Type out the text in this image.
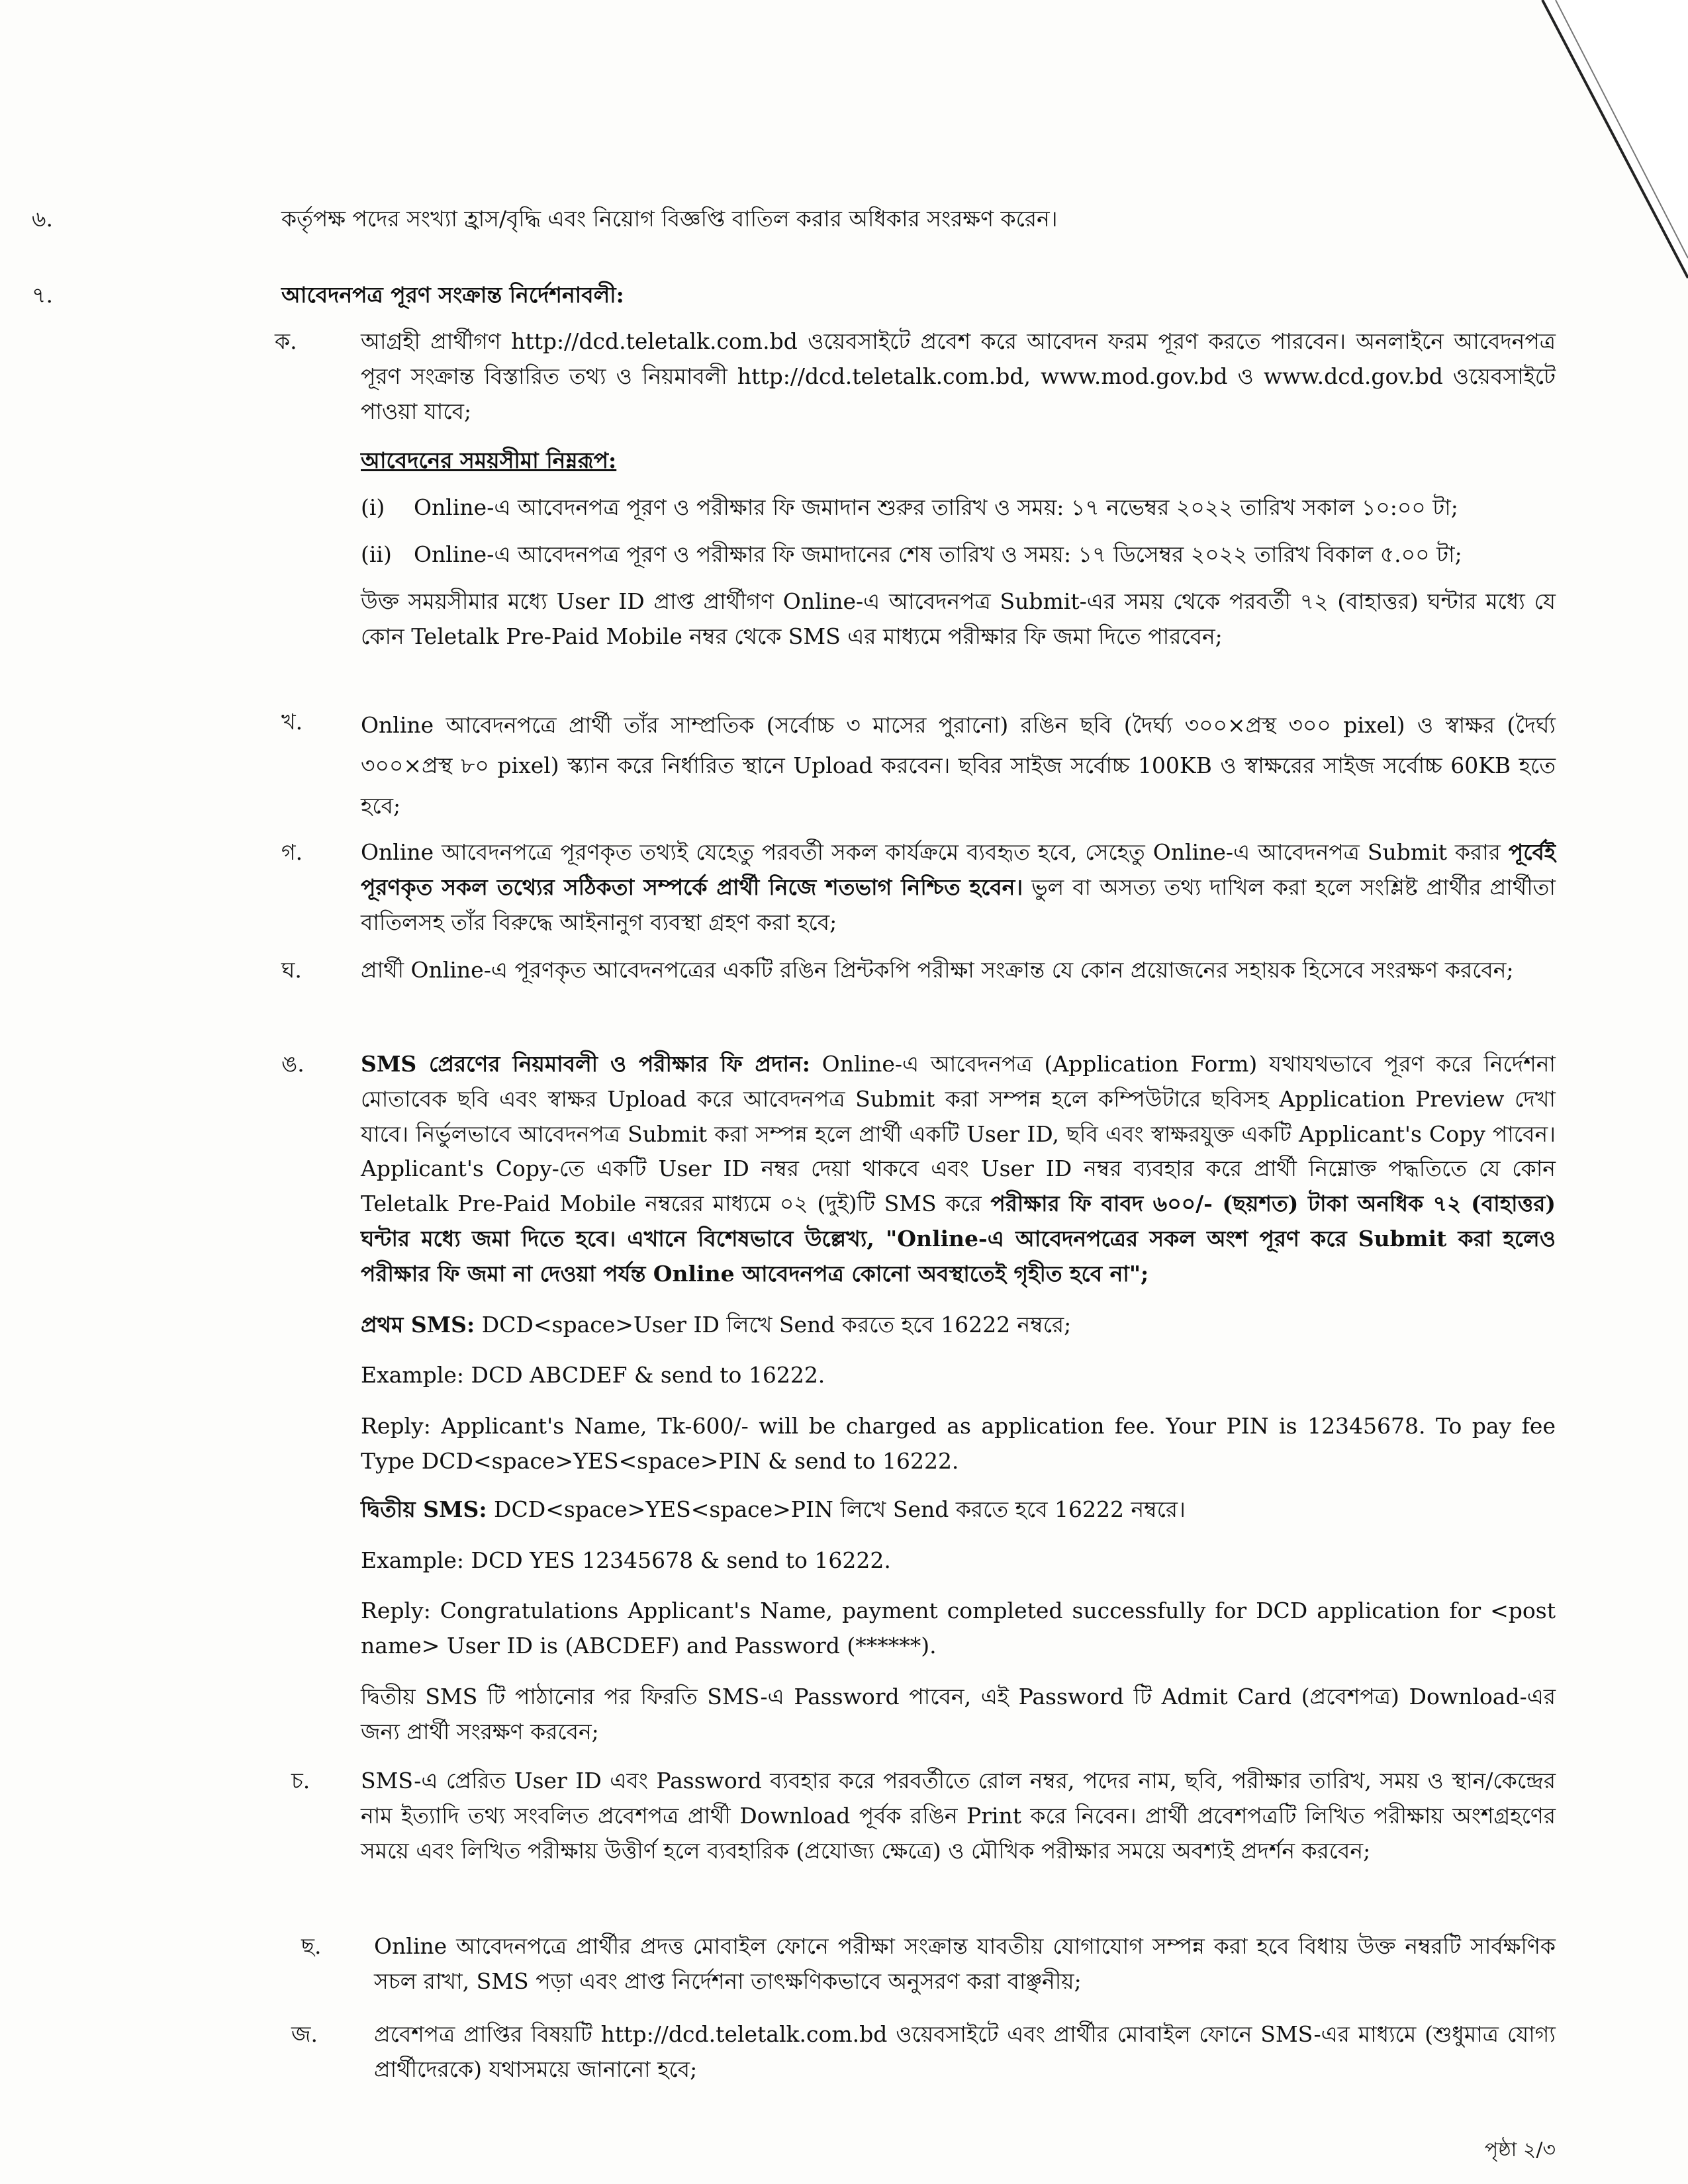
৬.	কর্তৃপক্ষ পদের সংখ্যা হ্রাস/বৃদ্ধি এবং নিয়োগ বিজ্ঞপ্তি বাতিল করার অধিকার সংরক্ষণ করেন।

৭.	আবেদনপত্র পূরণ সংক্রান্ত নির্দেশনাবলী:

ক.	আগ্রহী প্রার্থীগণ http://dcd.teletalk.com.bd ওয়েবসাইটে প্রবেশ করে আবেদন ফরম পূরণ করতে পারবেন। অনলাইনে আবেদনপত্র পূরণ সংক্রান্ত বিস্তারিত তথ্য ও নিয়মাবলী http://dcd.teletalk.com.bd, www.mod.gov.bd ও www.dcd.gov.bd ওয়েবসাইটে পাওয়া যাবে;

আবেদনের সময়সীমা নিম্নরূপ:

(i) Online-এ আবেদনপত্র পূরণ ও পরীক্ষার ফি জমাদান শুরুর তারিখ ও সময়: ১৭ নভেম্বর ২০২২ তারিখ সকাল ১০:০০ টা;

(ii) Online-এ আবেদনপত্র পূরণ ও পরীক্ষার ফি জমাদানের শেষ তারিখ ও সময়: ১৭ ডিসেম্বর ২০২২ তারিখ বিকাল ৫.০০ টা;

উক্ত সময়সীমার মধ্যে User ID প্রাপ্ত প্রার্থীগণ Online-এ আবেদনপত্র Submit-এর সময় থেকে পরবর্তী ৭২ (বাহাত্তর) ঘন্টার মধ্যে যে কোন Teletalk Pre-Paid Mobile নম্বর থেকে SMS এর মাধ্যমে পরীক্ষার ফি জমা দিতে পারবেন;

খ.	Online আবেদনপত্রে প্রার্থী তাঁর সাম্প্রতিক (সর্বোচ্চ ৩ মাসের পুরানো) রঙিন ছবি (দৈর্ঘ্য ৩০০×প্রস্থ ৩০০ pixel) ও স্বাক্ষর (দৈর্ঘ্য ৩০০×প্রস্থ ৮০ pixel) স্ক্যান করে নির্ধারিত স্থানে Upload করবেন। ছবির সাইজ সর্বোচ্চ 100KB ও স্বাক্ষরের সাইজ সর্বোচ্চ 60KB হতে হবে;

গ.	Online আবেদনপত্রে পূরণকৃত তথ্যই যেহেতু পরবর্তী সকল কার্যক্রমে ব্যবহৃত হবে, সেহেতু Online-এ আবেদনপত্র Submit করার পূর্বেই পূরণকৃত সকল তথ্যের সঠিকতা সম্পর্কে প্রার্থী নিজে শতভাগ নিশ্চিত হবেন। ভুল বা অসত্য তথ্য দাখিল করা হলে সংশ্লিষ্ট প্রার্থীর প্রার্থীতা বাতিলসহ তাঁর বিরুদ্ধে আইনানুগ ব্যবস্থা গ্রহণ করা হবে;

ঘ.	প্রার্থী Online-এ পূরণকৃত আবেদনপত্রের একটি রঙিন প্রিন্টকপি পরীক্ষা সংক্রান্ত যে কোন প্রয়োজনের সহায়ক হিসেবে সংরক্ষণ করবেন;

ঙ.	SMS প্রেরণের নিয়মাবলী ও পরীক্ষার ফি প্রদান: Online-এ আবেদনপত্র (Application Form) যথাযথভাবে পূরণ করে নির্দেশনা মোতাবেক ছবি এবং স্বাক্ষর Upload করে আবেদনপত্র Submit করা সম্পন্ন হলে কম্পিউটারে ছবিসহ Application Preview দেখা যাবে। নির্ভুলভাবে আবেদনপত্র Submit করা সম্পন্ন হলে প্রার্থী একটি User ID, ছবি এবং স্বাক্ষরযুক্ত একটি Applicant's Copy পাবেন। Applicant's Copy-তে একটি User ID নম্বর দেয়া থাকবে এবং User ID নম্বর ব্যবহার করে প্রার্থী নিম্নোক্ত পদ্ধতিতে যে কোন Teletalk Pre-Paid Mobile নম্বরের মাধ্যমে ০২ (দুই)টি SMS করে পরীক্ষার ফি বাবদ ৬০০/- (ছয়শত) টাকা অনধিক ৭২ (বাহাত্তর) ঘন্টার মধ্যে জমা দিতে হবে। এখানে বিশেষভাবে উল্লেখ্য, "Online-এ আবেদনপত্রের সকল অংশ পূরণ করে Submit করা হলেও পরীক্ষার ফি জমা না দেওয়া পর্যন্ত Online আবেদনপত্র কোনো অবস্থাতেই গৃহীত হবে না";

প্রথম SMS: DCD<space>User ID লিখে Send করতে হবে 16222 নম্বরে;

Example: DCD ABCDEF & send to 16222.

Reply: Applicant's Name, Tk-600/- will be charged as application fee. Your PIN is 12345678. To pay fee Type DCD<space>YES<space>PIN & send to 16222.

দ্বিতীয় SMS: DCD<space>YES<space>PIN লিখে Send করতে হবে 16222 নম্বরে।

Example: DCD YES 12345678 & send to 16222.

Reply: Congratulations Applicant's Name, payment completed successfully for DCD application for <post name> User ID is (ABCDEF) and Password (******).

দ্বিতীয় SMS টি পাঠানোর পর ফিরতি SMS-এ Password পাবেন, এই Password টি Admit Card (প্রবেশপত্র) Download-এর জন্য প্রার্থী সংরক্ষণ করবেন;

চ. SMS-এ প্রেরিত User ID এবং Password ব্যবহার করে পরবর্তীতে রোল নম্বর, পদের নাম, ছবি, পরীক্ষার তারিখ, সময় ও স্থান/কেন্দ্রের নাম ইত্যাদি তথ্য সংবলিত প্রবেশপত্র প্রার্থী Download পূর্বক রঙিন Print করে নিবেন। প্রার্থী প্রবেশপত্রটি লিখিত পরীক্ষায় অংশগ্রহণের সময়ে এবং লিখিত পরীক্ষায় উত্তীর্ণ হলে ব্যবহারিক (প্রযোজ্য ক্ষেত্রে) ও মৌখিক পরীক্ষার সময়ে অবশ্যই প্রদর্শন করবেন;

ছ. Online আবেদনপত্রে প্রার্থীর প্রদত্ত মোবাইল ফোনে পরীক্ষা সংক্রান্ত যাবতীয় যোগাযোগ সম্পন্ন করা হবে বিধায় উক্ত নম্বরটি সার্বক্ষণিক সচল রাখা, SMS পড়া এবং প্রাপ্ত নির্দেশনা তাৎক্ষণিকভাবে অনুসরণ করা বাঞ্ছনীয়;

জ.	প্রবেশপত্র প্রাপ্তির বিষয়টি http://dcd.teletalk.com.bd ওয়েবসাইটে এবং প্রার্থীর মোবাইল ফোনে SMS-এর মাধ্যমে (শুধুমাত্র যোগ্য প্রার্থীদেরকে) যথাসময়ে জানানো হবে;

পৃষ্ঠা ২/৩
